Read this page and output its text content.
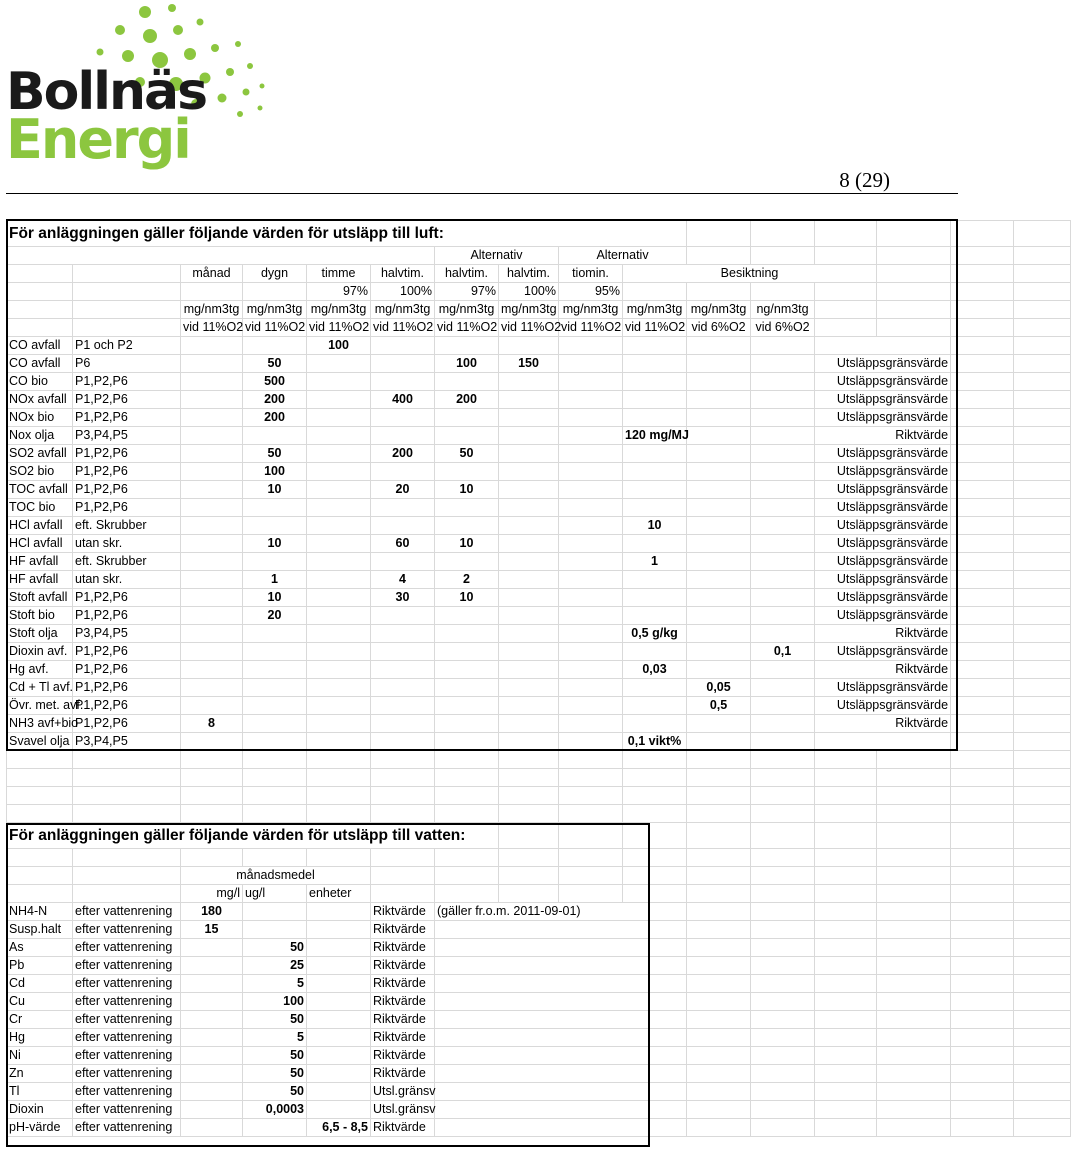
Bollnäs
Energi
8 (29)
För anläggningen gäller följande värden för utsläpp till luft:															
						Alternativ		Alternativ							
		månad	dygn	timme	halvtim.	halvtim.	halvtim.	tiomin.	Besiktning						
				97%	100%	97%	100%	95%							
		mg/nm3tg	mg/nm3tg	mg/nm3tg	mg/nm3tg	mg/nm3tg	mg/nm3tg	mg/nm3tg	mg/nm3tg	mg/nm3tg	ng/nm3tg				
		vid 11%O2	vid 11%O2	vid 11%O2	vid 11%O2	vid 11%O2	vid 11%O2	vid 11%O2	vid 11%O2	vid 6%O2	vid 6%O2				
CO avfall	P1 och P2			100											
CO avfall	P6		50			100	150					Utsläppsgränsvärde			
CO bio	P1,P2,P6		500									Utsläppsgränsvärde			
NOx avfall	P1,P2,P6		200		400	200						Utsläppsgränsvärde			
NOx bio	P1,P2,P6		200									Utsläppsgränsvärde			
Nox olja	P3,P4,P5								120 mg/MJ			Riktvärde			
SO2 avfall	P1,P2,P6		50		200	50						Utsläppsgränsvärde			
SO2 bio	P1,P2,P6		100									Utsläppsgränsvärde			
TOC avfall	P1,P2,P6		10		20	10						Utsläppsgränsvärde			
TOC bio	P1,P2,P6											Utsläppsgränsvärde			
HCl avfall	eft. Skrubber								10			Utsläppsgränsvärde			
HCl avfall	utan skr.		10		60	10						Utsläppsgränsvärde			
HF avfall	eft. Skrubber								1			Utsläppsgränsvärde			
HF avfall	utan skr.		1		4	2						Utsläppsgränsvärde			
Stoft avfall	P1,P2,P6		10		30	10						Utsläppsgränsvärde			
Stoft bio	P1,P2,P6		20									Utsläppsgränsvärde			
Stoft olja	P3,P4,P5								0,5 g/kg			Riktvärde			
Dioxin avf.	P1,P2,P6										0,1	Utsläppsgränsvärde			
Hg avf.	P1,P2,P6								0,03			Riktvärde			
Cd + Tl avf.	P1,P2,P6									0,05		Utsläppsgränsvärde			
Övr. met. avf.	P1,P2,P6									0,5		Utsläppsgränsvärde			
NH3 avf+bio	P1,P2,P6	8										Riktvärde			
Svavel olja	P3,P4,P5								0,1 vikt%						

För anläggningen gäller följande värden för utsläpp till vatten:															

		månadsmedel													
		mg/l	ug/l	enheter											
NH4-N	efter vattenrening	180			Riktvärde	(gäller fr.o.m. 2011-09-01)									
Susp.halt	efter vattenrening	15			Riktvärde										
As	efter vattenrening		50		Riktvärde										
Pb	efter vattenrening		25		Riktvärde										
Cd	efter vattenrening		5		Riktvärde										
Cu	efter vattenrening		100		Riktvärde										
Cr	efter vattenrening		50		Riktvärde										
Hg	efter vattenrening		5		Riktvärde										
Ni	efter vattenrening		50		Riktvärde										
Zn	efter vattenrening		50		Riktvärde										
Tl	efter vattenrening		50		Utsl.gränsv										
Dioxin	efter vattenrening		0,0003		Utsl.gränsv										
pH-värde	efter vattenrening			6,5 - 8,5	Riktvärde										
